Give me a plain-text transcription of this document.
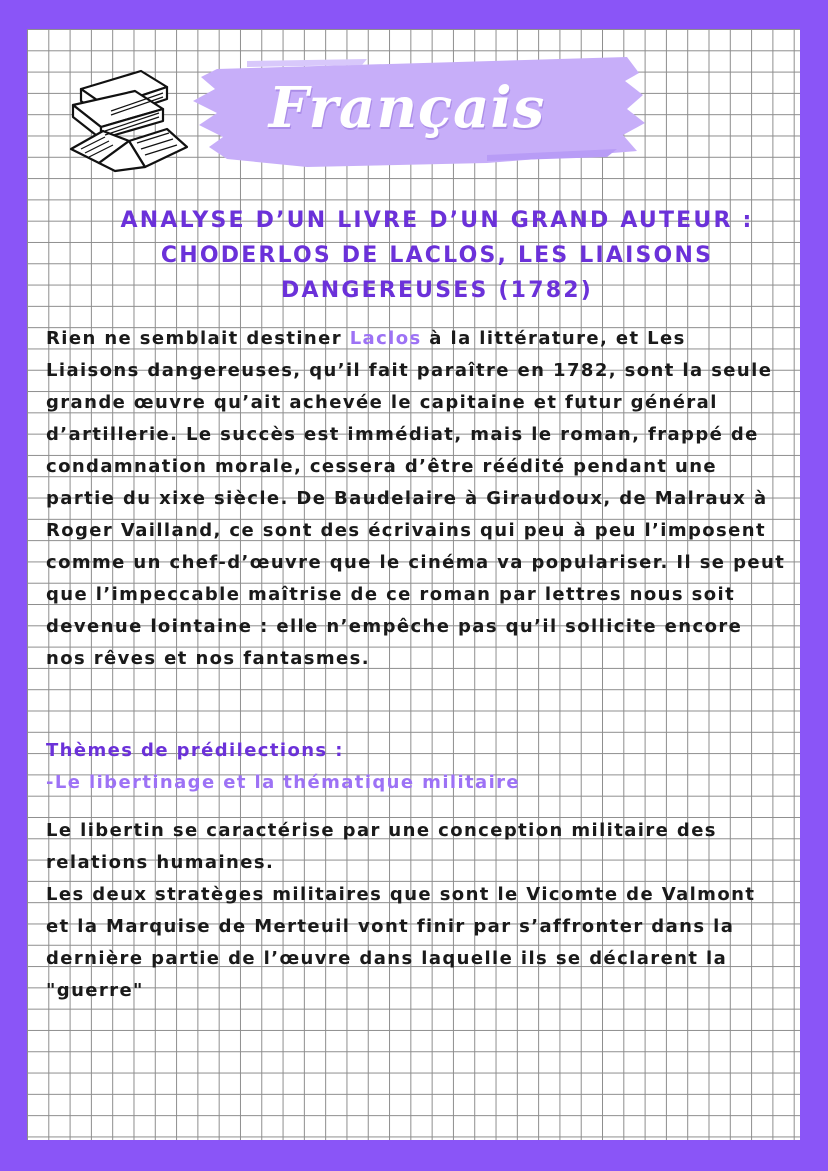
Français
ANALYSE D’UN LIVRE D’UN GRAND AUTEUR :
CHODERLOS DE LACLOS, LES LIAISONS
DANGEREUSES (1782)
Rien ne semblait destiner Laclos à la littérature, et Les Liaisons dangereuses, qu’il fait paraître en 1782, sont la seule grande œuvre qu’ait achevée le capitaine et futur général d’artillerie. Le succès est immédiat, mais le roman, frappé de condamnation morale, cessera d’être réédité pendant une partie du xixe siècle. De Baudelaire à Giraudoux, de Malraux à Roger Vailland, ce sont des écrivains qui peu à peu l’imposent comme un chef-d’œuvre que le cinéma va populariser. Il se peut que l’impeccable maîtrise de ce roman par lettres nous soit devenue lointaine : elle n’empêche pas qu’il sollicite encore nos rêves et nos fantasmes.
Thèmes de prédilections :
-Le libertinage et la thématique militaire
Le libertin se caractérise par une conception militaire des relations humaines.
Les deux stratèges militaires que sont le Vicomte de Valmont et la Marquise de Merteuil vont finir par s’affronter dans la dernière partie de l’œuvre dans laquelle ils se déclarent la "guerre"
